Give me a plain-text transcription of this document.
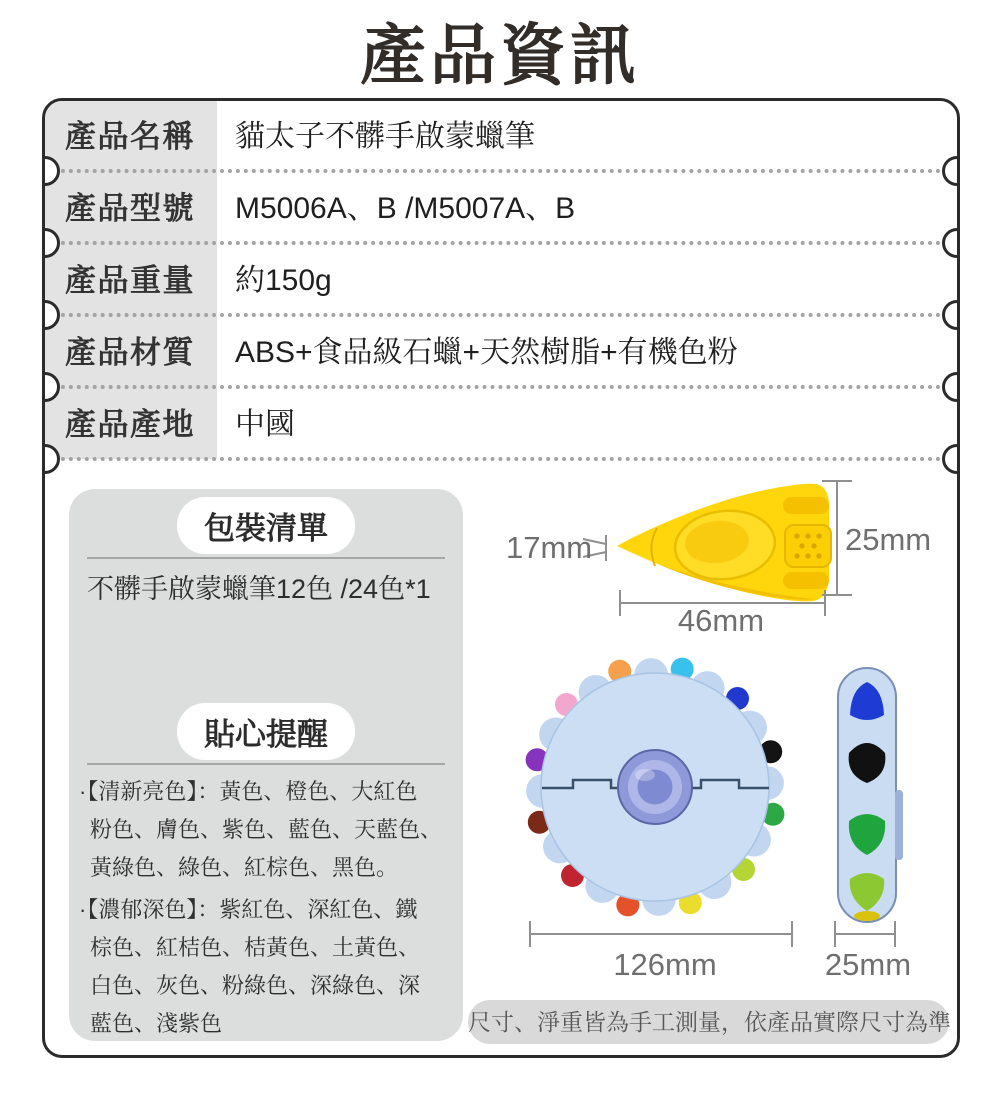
產品資訊
產品名稱 貓太子不髒手啟蒙蠟筆
產品型號 M5006A、B /M5007A、B
產品重量 約150g
產品材質 ABS+食品級石蠟+天然樹脂+有機色粉
產品產地 中國
包裝清單
不髒手啟蒙蠟筆12色 /24色*1
貼心提醒
·【清新亮色】：黃色、橙色、大紅色
粉色、膚色、紫色、藍色、天藍色、
黃綠色、綠色、紅棕色、黑色。
·【濃郁深色】：紫紅色、深紅色、鐵
棕色、紅桔色、桔黃色、土黃色、
白色、灰色、粉綠色、深綠色、深
藍色、淺紫色
17mm	25mm
46mm
126mm	25mm
尺寸、淨重皆為手工測量，依產品實際尺寸為準
